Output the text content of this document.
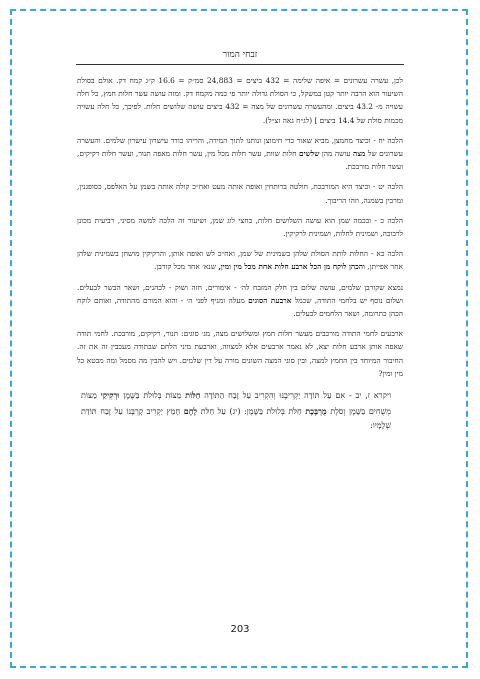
זבחי המור

לכן, עשרה עשרונים = איפה שלימה = 432 ביצים = 24,883 סמ״ק = 16.6 ק״ג קמח דק. אולם בסולת השיעור הוא הרבה יותר קטן במשקל, כי הסולת גדולה יותר פי כמה מקמח דק. ומזה עושה עשר חלות חמץ, כל חלה עשויה מ- 43.2 ביצים. ומהעשרה עשרונים של מצה = 432 ביצים עושה שלושים חלות. לפיכך, כל חלה עשויה מכמות סולת של 14.4 ביצים ] (לג״ח גאה זצ״ל).

הלכה יח - וכיצד מחמצן, מביא שאור כדי חימוצן ונותנו לתוך המידה, והריהו כודד עישרון עישרון שלמים. והעשרה עשרונים של מצה עושה מהן שלשים חלות שוות, עשר חלות מכל מין, עשר חלות מאפה תנור, ועשר חלות רקיקים, ועשר חלות מורבכת.

הלכה יט - וכיצד היא המורבכת, חולטה ברותחין ואופה אותה מעט ואח״כ קולה אותה בשמן על האלפס, כסופגנין, ומרבין בשמנה, וזהו הריבוך.

הלכה כ - ובכמה שמן הוא עושה השלושים חלות, בחצי לוג שמן, ושיעור זה הלכה למשה מסיני, רביעית מכונן לרבוכה, ושמינית לחלות, ושמינית לרקיקין.

הלכה כא - החלות לותת הסולת שלהן בשמינית של שמן, ואח״כ לש ואופה אותן, והרקיקין מושחן בשמינית שלהן אחר אפייתן, והכהן לוקח מן הכל ארבע חלות אחת מכל מין ומין, שנא׳ אחד מכל קורבן.

נמצא שקורבן שלמים, עושה שלום בין חלק המזבח לה׳ - אימורים, חזה ושוק - לכהנים, ושאר הבשר לבעלים. ושלום נוסף יש בלחמי התודה, שכמל ארבעת הסוגים מעלה ומניף לפני ה׳ - והוא המורם מהתודה, ואותם לוקח הכהן כתרומה, ושאר הלחמים לבעלים.

ארבעים לחמי התודה מורכבים מעשר חלות חמץ ומשלושים מצה, מג׳ סוגים: תנור, רקיקים, מורבכת. לחמי תודה שאפה אותן ארבע חלות יצא, לא נאמר ארבעים אלא למצווה, וארבעת מיני הלחם שבתודה מעכבין זה את זה. החיבור המיוחד בין החמץ למצה, ובין סוגי המצה השונים מורה על דין שלמים. ויש להבין מה מסמל ומה מבטא כל מין ומין?

ויקרא ז, יב - אִם עַל תּוֹדָה יַקְרִיבֶנּוּ וְהִקְרִיב עַל זֶבַח הַתּוֹדָה חַלּוֹת מַצּוֹת בְּלוּלֹת בַּשֶּׁמֶן וּרְקִיקֵי מַצּוֹת מְשֻׁחִים בַּשָּׁמֶן וְסֹלֶת מֻרְבֶּכֶת חַלֹּת בְּלוּלֹת בַּשָּׁמֶן: (יג) עַל חַלֹּת לֶחֶם חָמֵץ יַקְרִיב קָרְבָּנוֹ עַל זֶבַח תּוֹדַת שְׁלָמָיו:

203
